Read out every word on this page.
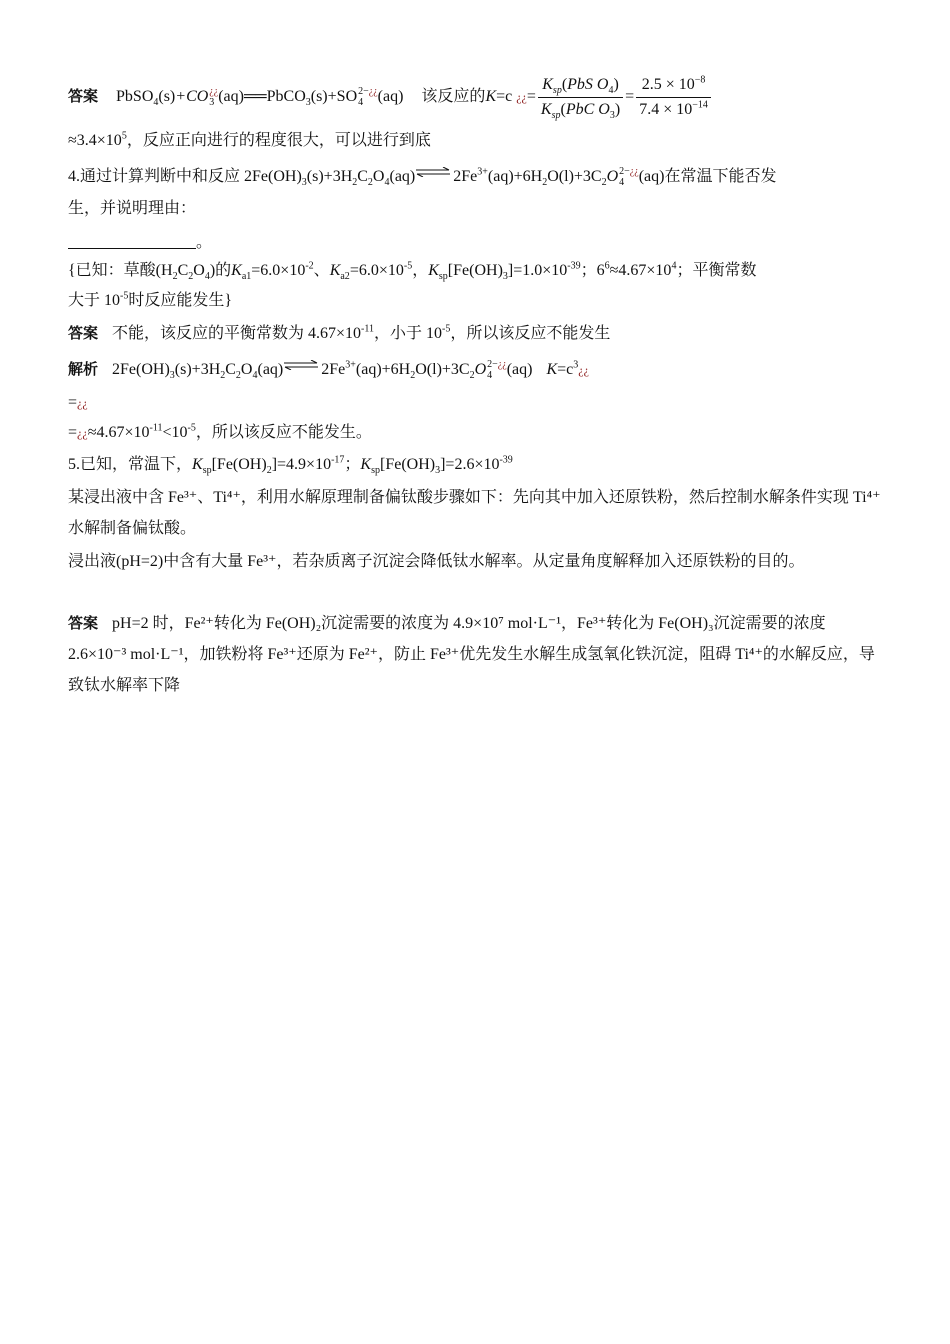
答案 PbSO$_4$(s)+CO¿¿
3 (aq)══PbCO$_3$(s)+SO2−¿¿
4 (aq) 该反应的K=c ¿¿= $\frac{K_{sp}(PbS O_4)}{K_{sp}(PbC O_3)} = \frac{2.5 \times 10^{-8}}{7.4 \times 10^{-14}}$
$\approx 3.4\times 10^5$，反应正向进行的程度很大，可以进行到底
4.通过计算判断中和反应 $2Fe(OH)_3(s)+3H_2C_2O_4(aq)\rightleftharpoons 2Fe^{3+}(aq)+6H_2O(l)+3C_2O2-¿¿$
4 (aq)在常温下能否发
生，并说明理由：
。
{已知：草酸$(H_2C_2O_4)$的$K_{a1}=6.0\times 10^{-2}$、$K_{a2}=6.0\times 10^{-5}$，$K_{sp}[Fe(OH)_3]=1.0\times 10^{-39}$；$6^6\approx 4.67\times 10^4$；平衡常数
大于 $10^{-5}$时反应能发生}
答案 不能，该反应的平衡常数为 $4.67\times 10^{-11}$，小于 $10^{-5}$，所以该反应不能发生
解析 $2Fe(OH)_3(s)+3H_2C_2O_4(aq)\rightleftharpoons 2Fe^{3+}(aq)+6H_2O(l)+3C_2O2-¿¿$
4 (aq) $K=c^3¿¿$
=¿¿
$=¿¿\approx 4.67\times 10^{-11}<10^{-5}$，所以该反应不能发生。
5.已知，常温下，$K_{sp}[Fe(OH)_2]=4.9\times 10^{-17}$；$K_{sp}[Fe(OH)_3]=2.6\times 10^{-39}$
某浸出液中含 Fe³⁺、Ti⁴⁺，利用水解原理制备偏钛酸步骤如下：先向其中加入还原铁粉，然后控制水解条件实现 Ti⁴⁺水解制备偏钛酸。
浸出液(pH=2)中含有大量 Fe³⁺，若杂质离子沉淀会降低钛水解率。从定量角度解释加入还原铁粉的目的。
答案 pH=2 时，Fe²⁺转化为 Fe(OH)₂沉淀需要的浓度为 4.9×10⁷ mol·L⁻¹，Fe³⁺转化为 Fe(OH)₃沉淀需要的浓度 2.6×10⁻³ mol·L⁻¹，加铁粉将 Fe³⁺还原为 Fe²⁺，防止 Fe³⁺优先发生水解生成氢氧化铁沉淀，阻碍 Ti⁴⁺的水解反应，导致钛水解率下降
